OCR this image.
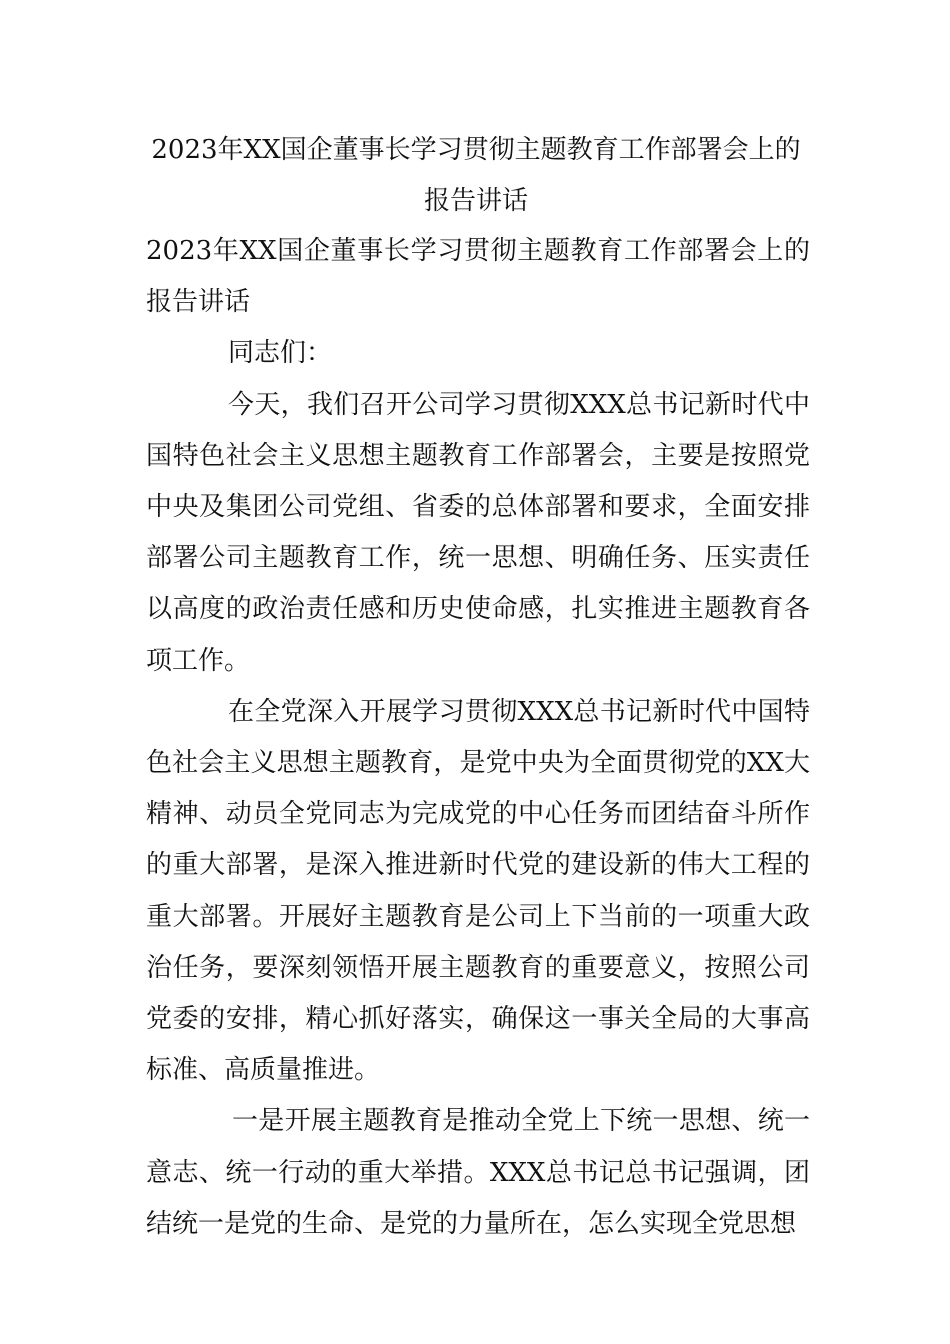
2023年XX国企董事长学习贯彻主题教育工作部署会上的
报告讲话

2023年XX国企董事长学习贯彻主题教育工作部署会上的报告讲话

同志们：

今天，我们召开公司学习贯彻XXX总书记新时代中国特色社会主义思想主题教育工作部署会，主要是按照党中央及集团公司党组、省委的总体部署和要求，全面安排部署公司主题教育工作，统一思想、明确任务、压实责任以高度的政治责任感和历史使命感，扎实推进主题教育各项工作。

在全党深入开展学习贯彻XXX总书记新时代中国特色社会主义思想主题教育，是党中央为全面贯彻党的XX大精神、动员全党同志为完成党的中心任务而团结奋斗所作的重大部署，是深入推进新时代党的建设新的伟大工程的重大部署。开展好主题教育是公司上下当前的一项重大政治任务，要深刻领悟开展主题教育的重要意义，按照公司党委的安排，精心抓好落实，确保这一事关全局的大事高标准、高质量推进。

一是开展主题教育是推动全党上下统一思想、统一意志、统一行动的重大举措。XXX总书记总书记强调，团结统一是党的生命、是党的力量所在，怎么实现全党思想
